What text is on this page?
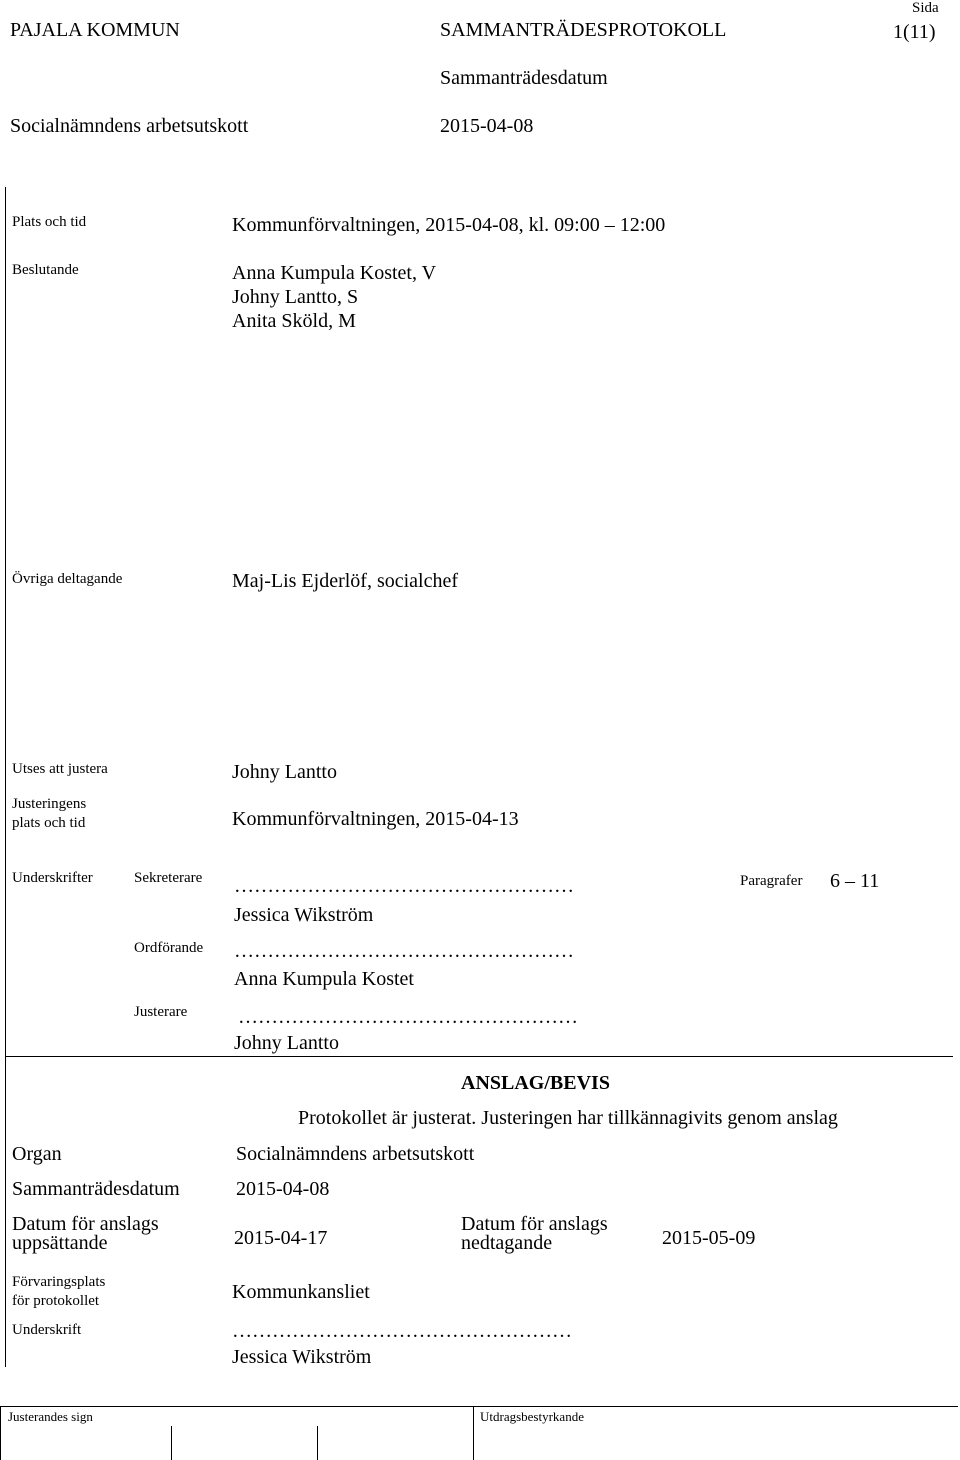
PAJALA KOMMUN	SAMMANTRÄDESPROTOKOLL
Sida
1(11)
Sammanträdesdatum
Socialnämndens arbetsutskott	2015-04-08
Plats och tid	Kommunförvaltningen, 2015-04-08, kl. 09:00 – 12:00
Beslutande	Anna Kumpula Kostet, V
Johny Lantto, S
Anita Sköld, M
Övriga deltagande	Maj-Lis Ejderlöf, socialchef
Utses att justera	Johny Lantto
Justeringens
plats och tid	Kommunförvaltningen, 2015-04-13
Underskrifter	Sekreterare ……………………………………………
Jessica Wikström
Paragrafer 6 – 11
Ordförande ……………………………………………
Anna Kumpula Kostet
Justerare	……………………………………………
Johny Lantto
ANSLAG/BEVIS
Protokollet är justerat. Justeringen har tillkännagivits genom anslag
Organ	Socialnämndens arbetsutskott
Sammanträdesdatum	2015-04-08
Datum för anslags
uppsättande	2015-04-17
Datum för anslags
nedtagande	2015-05-09
Förvaringsplats
för protokollet	Kommunkansliet
Underskrift	……………………………………………
Jessica Wikström
Justerandes sign	Utdragsbestyrkande
